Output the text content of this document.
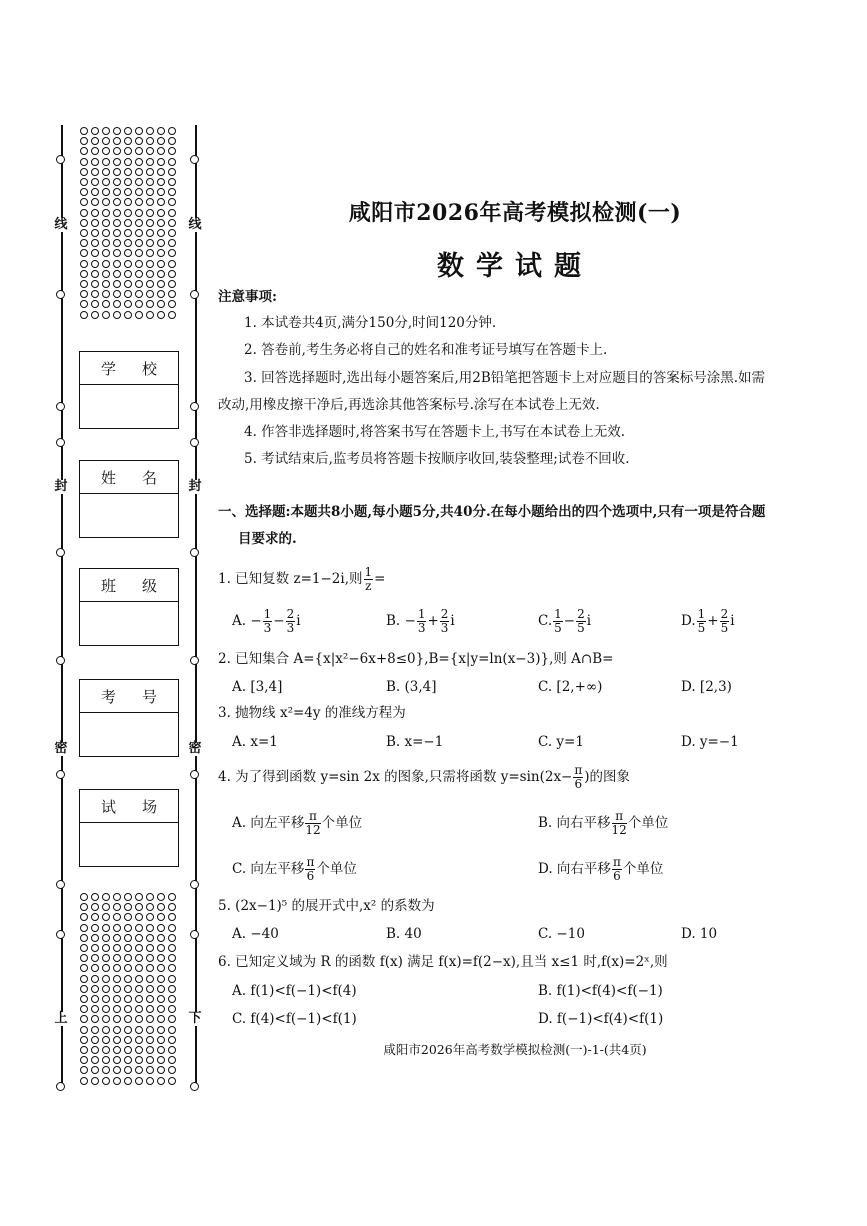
线
封
密
上
线
封
密
下
学 校
姓 名
班 级
考 号
试 场
咸阳市2026年高考模拟检测(一)
数学试题
注意事项:
1. 本试卷共4页,满分150分,时间120分钟.
2. 答卷前,考生务必将自己的姓名和准考证号填写在答题卡上.
3. 回答选择题时,选出每小题答案后,用2B铅笔把答题卡上对应题目的答案标号涂黑.如需
改动,用橡皮擦干净后,再选涂其他答案标号.涂写在本试卷上无效.
4. 作答非选择题时,将答案书写在答题卡上,书写在本试卷上无效.
5. 考试结束后,监考员将答题卡按顺序收回,装袋整理;试卷不回收.
一、选择题:本题共8小题,每小题5分,共40分.在每小题给出的四个选项中,只有一项是符合题
目要求的.
1. 已知复数 z=1−2i,则 $\frac{1}{z}$ =
A. − $\frac{1}{3} - \frac{2}{3}$ i	B. − $\frac{1}{3} + \frac{2}{3}$ i	C. $\frac{1}{5} - \frac{2}{5}$ i	D. $\frac{1}{5} + \frac{2}{5}$ i
2. 已知集合 A={x|x²−6x+8≤0},B={x|y=ln(x−3)},则 A∩B=
A. [3,4]	B. (3,4]	C. [2,+∞)	D. [2,3)
3. 抛物线 x²=4y 的准线方程为
A. x=1	B. x=−1	C. y=1	D. y=−1
4. 为了得到函数 y=sin 2x 的图象,只需将函数 $y=\sin(2x- \frac{\pi}{6}$ )的图象
A. 向左平移 $\frac{\pi}{12}$ 个单位	B. 向右平移 $\frac{\pi}{12}$ 个单位
C. 向左平移 $\frac{\pi}{6}$ 个单位	D. 向右平移 $\frac{\pi}{6}$ 个单位
5. (2x−1)⁵ 的展开式中,x² 的系数为
A. −40	B. 40	C. −10	D. 10
6. 已知定义域为 R 的函数 f(x) 满足 f(x)=f(2−x),且当 x≤1 时,f(x)=2ˣ,则
A. f(1)<f(−1)<f(4)	B. f(1)<f(4)<f(−1)
C. f(4)<f(−1)<f(1)	D. f(−1)<f(4)<f(1)
咸阳市2026年高考数学模拟检测(一)-1-(共4页)
